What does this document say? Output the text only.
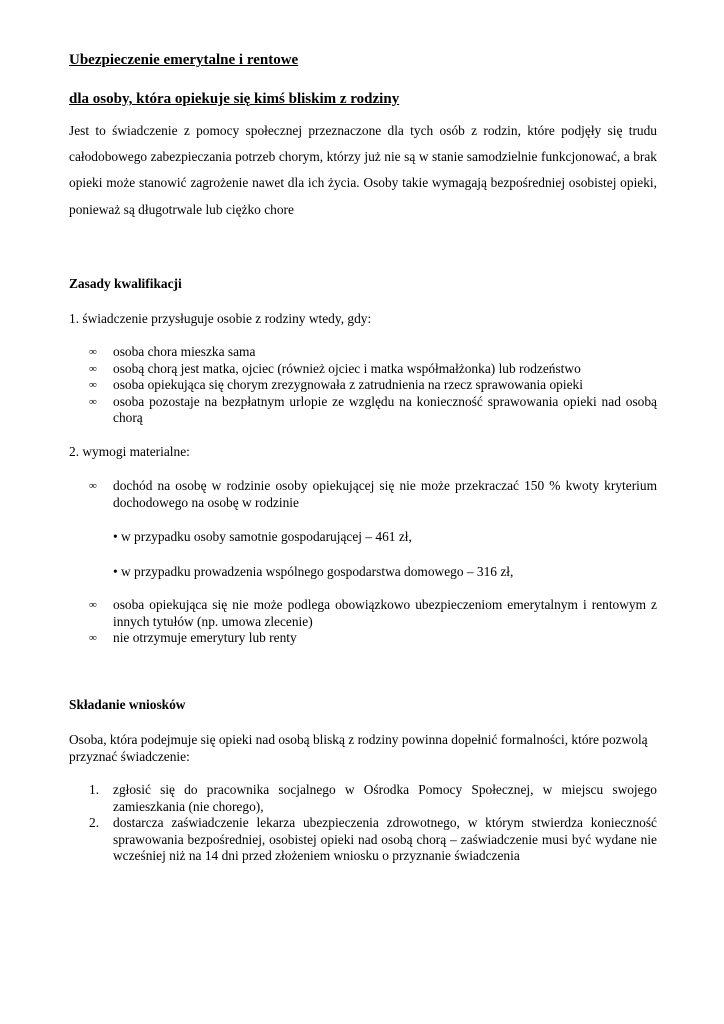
Ubezpieczenie emerytalne i rentowe
dla osoby, która opiekuje się kimś bliskim z rodziny

Jest to świadczenie z pomocy społecznej przeznaczone dla tych osób z rodzin, które podjęły się trudu całodobowego zabezpieczania potrzeb chorym, którzy już nie są w stanie samodzielnie funkcjonować, a brak opieki może stanowić zagrożenie nawet dla ich życia. Osoby takie wymagają bezpośredniej osobistej opieki, ponieważ są długotrwale lub ciężko chore

Zasady kwalifikacji

1. świadczenie przysługuje osobie z rodziny wtedy, gdy:

∞ osoba chora mieszka sama
∞ osobą chorą jest matka, ojciec (również ojciec i matka współmałżonka) lub rodzeństwo
∞ osoba opiekująca się chorym zrezygnowała z zatrudnienia na rzecz sprawowania opieki
∞ osoba pozostaje na bezpłatnym urlopie ze względu na konieczność sprawowania opieki nad osobą chorą

2. wymogi materialne:

∞ dochód na osobę w rodzinie osoby opiekującej się nie może przekraczać 150 % kwoty kryterium dochodowego na osobę w rodzinie

• w przypadku osoby samotnie gospodarującej – 461 zł,

• w przypadku prowadzenia wspólnego gospodarstwa domowego – 316 zł,

∞ osoba opiekująca się nie może podlega obowiązkowo ubezpieczeniom emerytalnym i rentowym z innych tytułów (np. umowa zlecenie)
∞ nie otrzymuje emerytury lub renty
Składanie wniosków

Osoba, która podejmuje się opieki nad osobą bliską z rodziny powinna dopełnić formalności, które pozwolą przyznać świadczenie:

1. zgłosić się do pracownika socjalnego w Ośrodka Pomocy Społecznej, w miejscu swojego zamieszkania (nie chorego),
2. dostarcza zaświadczenie lekarza ubezpieczenia zdrowotnego, w którym stwierdza konieczność sprawowania bezpośredniej, osobistej opieki nad osobą chorą – zaświadczenie musi być wydane nie wcześniej niż na 14 dni przed złożeniem wniosku o przyznanie świadczenia
